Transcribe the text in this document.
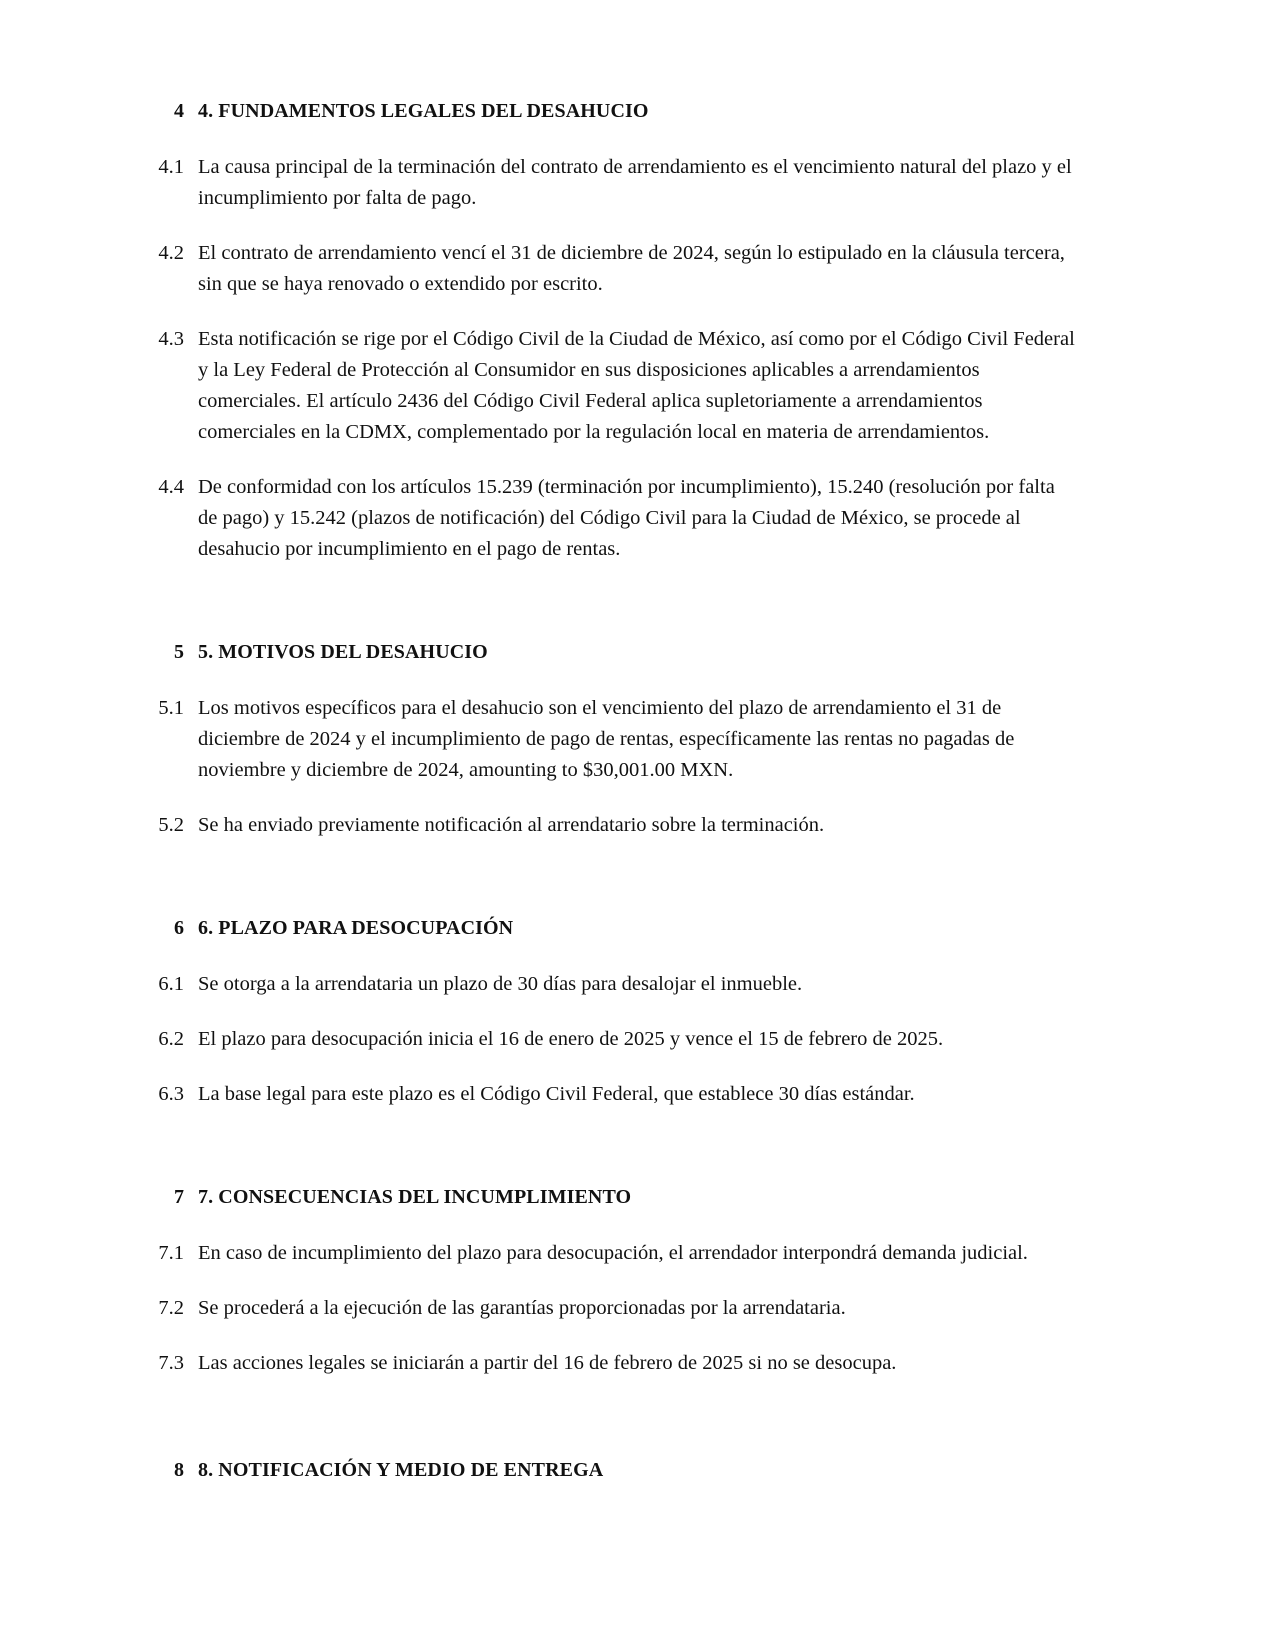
4 4. FUNDAMENTOS LEGALES DEL DESAHUCIO
4.1 La causa principal de la terminación del contrato de arrendamiento es el vencimiento natural del plazo y el incumplimiento por falta de pago.
4.2 El contrato de arrendamiento vencí el 31 de diciembre de 2024, según lo estipulado en la cláusula tercera, sin que se haya renovado o extendido por escrito.
4.3 Esta notificación se rige por el Código Civil de la Ciudad de México, así como por el Código Civil Federal y la Ley Federal de Protección al Consumidor en sus disposiciones aplicables a arrendamientos comerciales. El artículo 2436 del Código Civil Federal aplica supletoriamente a arrendamientos comerciales en la CDMX, complementado por la regulación local en materia de arrendamientos.
4.4 De conformidad con los artículos 15.239 (terminación por incumplimiento), 15.240 (resolución por falta de pago) y 15.242 (plazos de notificación) del Código Civil para la Ciudad de México, se procede al desahucio por incumplimiento en el pago de rentas.
5 5. MOTIVOS DEL DESAHUCIO
5.1 Los motivos específicos para el desahucio son el vencimiento del plazo de arrendamiento el 31 de diciembre de 2024 y el incumplimiento de pago de rentas, específicamente las rentas no pagadas de noviembre y diciembre de 2024, amounting to $30,001.00 MXN.
5.2 Se ha enviado previamente notificación al arrendatario sobre la terminación.
6 6. PLAZO PARA DESOCUPACIÓN
6.1 Se otorga a la arrendataria un plazo de 30 días para desalojar el inmueble.
6.2 El plazo para desocupación inicia el 16 de enero de 2025 y vence el 15 de febrero de 2025.
6.3 La base legal para este plazo es el Código Civil Federal, que establece 30 días estándar.
7 7. CONSECUENCIAS DEL INCUMPLIMIENTO
7.1 En caso de incumplimiento del plazo para desocupación, el arrendador interpondrá demanda judicial.
7.2 Se procederá a la ejecución de las garantías proporcionadas por la arrendataria.
7.3 Las acciones legales se iniciarán a partir del 16 de febrero de 2025 si no se desocupa.
8 8. NOTIFICACIÓN Y MEDIO DE ENTREGA
